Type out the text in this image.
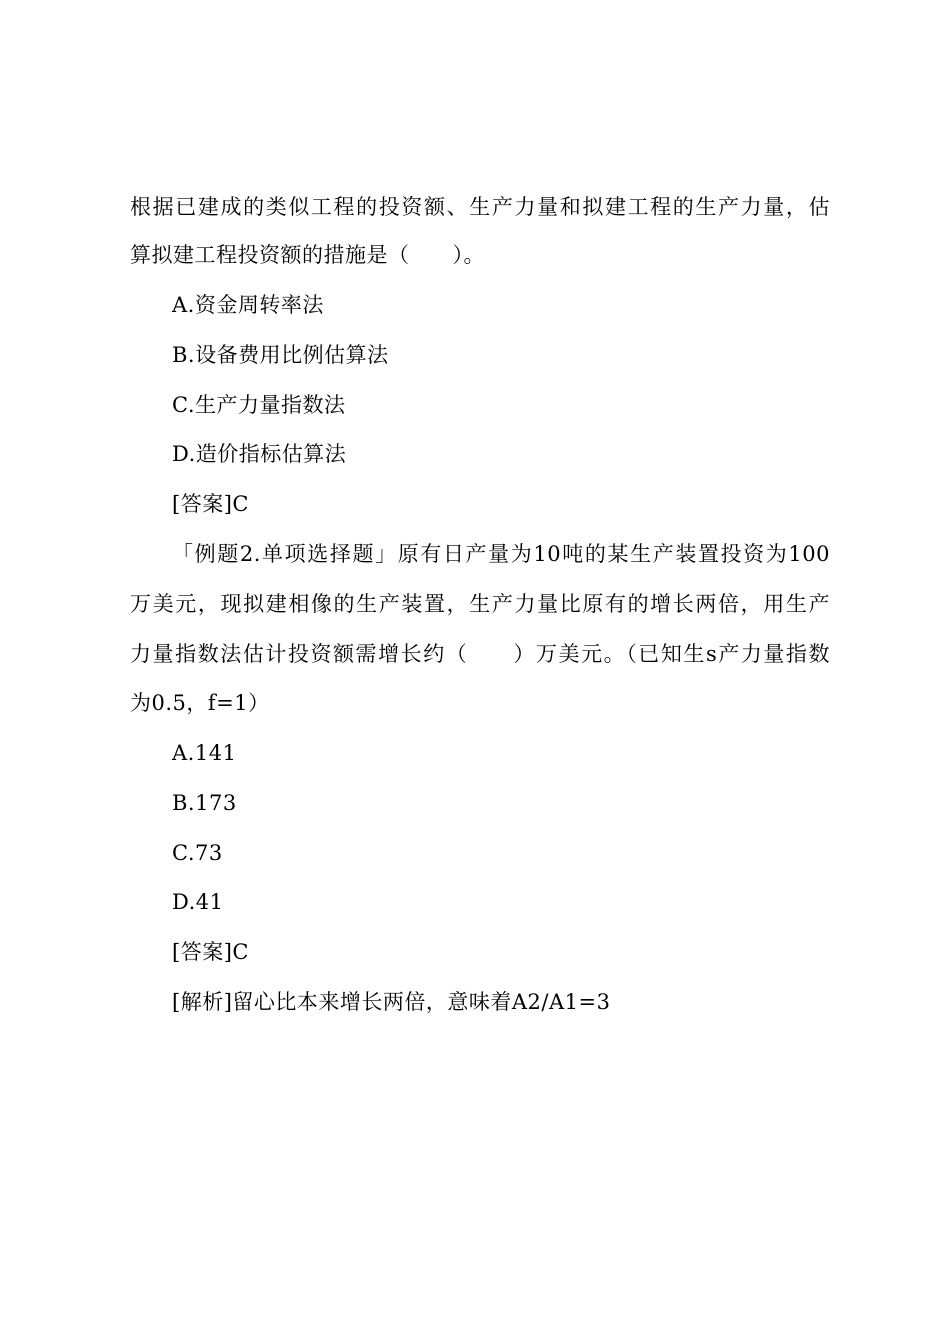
根据已建成的类似工程的投资额、生产力量和拟建工程的生产力量，估
算拟建工程投资额的措施是（　　）。
A.资金周转率法
B.设备费用比例估算法
C.生产力量指数法
D.造价指标估算法
[答案]C
「例题2.单项选择题」原有日产量为10吨的某生产装置投资为100
万美元，现拟建相像的生产装置，生产力量比原有的增长两倍，用生产
力量指数法估计投资额需增长约（　　）万美元。（已知生s产力量指数
为0.5，f=1）
A.141
B.173
C.73
D.41
[答案]C
[解析]留心比本来增长两倍，意味着A2/A1=3
